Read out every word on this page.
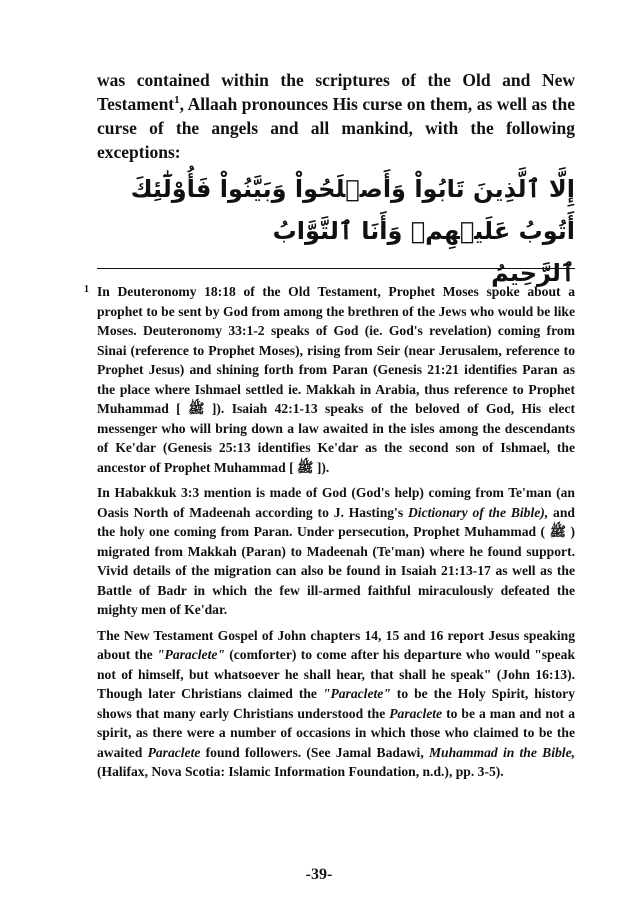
was contained within the scriptures of the Old and New Testament$^1$, Allaah pronounces His curse on them, as well as the curse of the angels and all mankind, with the following exceptions:

إِلَّا ٱلَّذِينَ تَابُواْ وَأَصۡلَحُواْ وَبَيَّنُواْ فَأُوْلَٰٓئِكَ أَتُوبُ عَلَيۡهِمۡ وَأَنَا ٱلتَّوَّابُ
ٱلرَّحِيمُ

1 In Deuteronomy 18:18 of the Old Testament, Prophet Moses spoke about a prophet to be sent by God from among the brethren of the Jews who would be like Moses. Deuteronomy 33:1-2 speaks of God (ie. God's revelation) coming from Sinai (reference to Prophet Moses), rising from Seir (near Jerusalem, reference to Prophet Jesus) and shining forth from Paran (Genesis 21:21 identifies Paran as the place where Ishmael settled ie. Makkah in Arabia, thus reference to Prophet Muhammad [ ﷺ ]). Isaiah 42:1-13 speaks of the beloved of God, His elect messenger who will bring down a law awaited in the isles among the descendants of Ke'dar (Genesis 25:13 identifies Ke'dar as the second son of Ishmael, the ancestor of Prophet Muhammad [ ﷺ ]).

In Habakkuk 3:3 mention is made of God (God's help) coming from Te'man (an Oasis North of Madeenah according to J. Hasting's Dictionary of the Bible), and the holy one coming from Paran. Under persecution, Prophet Muhammad ( ﷺ ) migrated from Makkah (Paran) to Madeenah (Te'man) where he found support. Vivid details of the migration can also be found in Isaiah 21:13-17 as well as the Battle of Badr in which the few ill-armed faithful miraculously defeated the mighty men of Ke'dar.

The New Testament Gospel of John chapters 14, 15 and 16 report Jesus speaking about the "Paraclete" (comforter) to come after his departure who would "speak not of himself, but whatsoever he shall hear, that shall he speak" (John 16:13). Though later Christians claimed the "Paraclete" to be the Holy Spirit, history shows that many early Christians understood the Paraclete to be a man and not a spirit, as there were a number of occasions in which those who claimed to be the awaited Paraclete found followers. (See Jamal Badawi, Muhammad in the Bible, (Halifax, Nova Scotia: Islamic Information Foundation, n.d.), pp. 3-5).

-39-
